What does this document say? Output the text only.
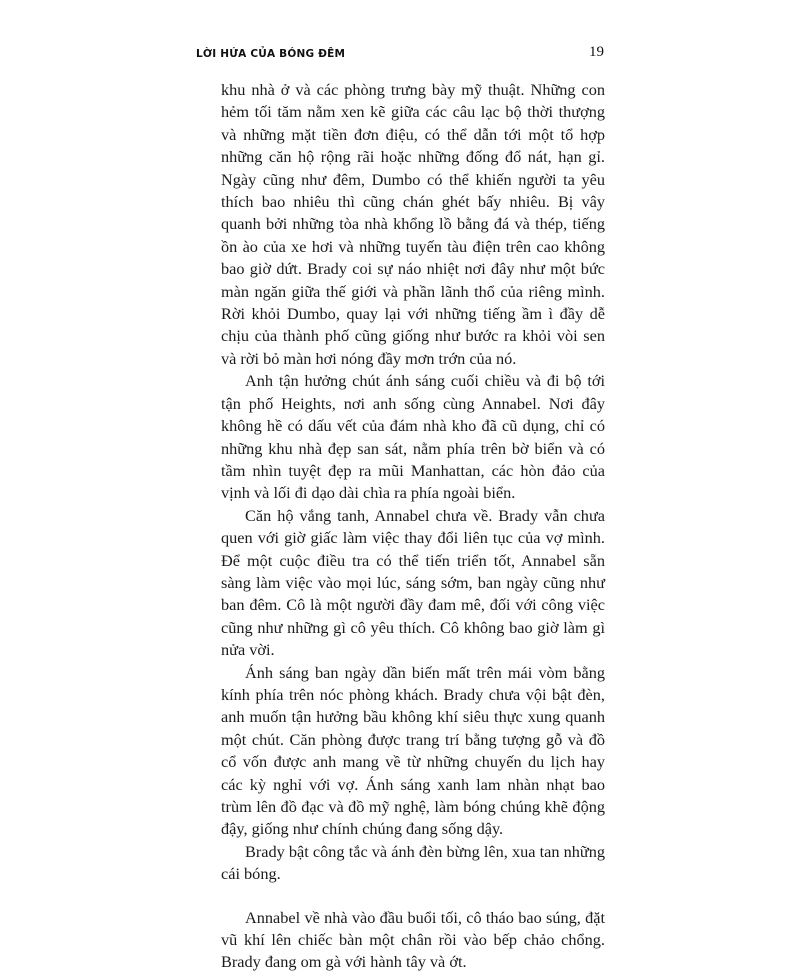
LỜI HỨA CỦA BÓNG ĐÊM	19

khu nhà ở và các phòng trưng bày mỹ thuật. Những con hẻm tối tăm nằm xen kẽ giữa các câu lạc bộ thời thượng và những mặt tiền đơn điệu, có thể dẫn tới một tổ hợp những căn hộ rộng rãi hoặc những đống đổ nát, hạn gỉ. Ngày cũng như đêm, Dumbo có thể khiến người ta yêu thích bao nhiêu thì cũng chán ghét bấy nhiêu. Bị vây quanh bởi những tòa nhà khổng lồ bằng đá và thép, tiếng ồn ào của xe hơi và những tuyến tàu điện trên cao không bao giờ dứt. Brady coi sự náo nhiệt nơi đây như một bức màn ngăn giữa thế giới và phần lãnh thổ của riêng mình. Rời khỏi Dumbo, quay lại với những tiếng ầm ì đầy dễ chịu của thành phố cũng giống như bước ra khỏi vòi sen và rời bỏ màn hơi nóng đầy mơn trớn của nó.

Anh tận hưởng chút ánh sáng cuối chiều và đi bộ tới tận phố Heights, nơi anh sống cùng Annabel. Nơi đây không hề có dấu vết của đám nhà kho đã cũ dụng, chỉ có những khu nhà đẹp san sát, nằm phía trên bờ biển và có tầm nhìn tuyệt đẹp ra mũi Manhattan, các hòn đảo của vịnh và lối đi dạo dài chìa ra phía ngoài biển.

Căn hộ vắng tanh, Annabel chưa về. Brady vẫn chưa quen với giờ giấc làm việc thay đổi liên tục của vợ mình. Để một cuộc điều tra có thể tiến triển tốt, Annabel sẵn sàng làm việc vào mọi lúc, sáng sớm, ban ngày cũng như ban đêm. Cô là một người đầy đam mê, đối với công việc cũng như những gì cô yêu thích. Cô không bao giờ làm gì nửa vời.

Ánh sáng ban ngày dần biến mất trên mái vòm bằng kính phía trên nóc phòng khách. Brady chưa vội bật đèn, anh muốn tận hưởng bầu không khí siêu thực xung quanh một chút. Căn phòng được trang trí bằng tượng gỗ và đồ cổ vốn được anh mang về từ những chuyến du lịch hay các kỳ nghỉ với vợ. Ánh sáng xanh lam nhàn nhạt bao trùm lên đồ đạc và đồ mỹ nghệ, làm bóng chúng khẽ động đậy, giống như chính chúng đang sống dậy.

Brady bật công tắc và ánh đèn bừng lên, xua tan những cái bóng.

Annabel về nhà vào đầu buổi tối, cô tháo bao súng, đặt vũ khí lên chiếc bàn một chân rồi vào bếp chảo chổng. Brady đang om gà với hành tây và ớt.
